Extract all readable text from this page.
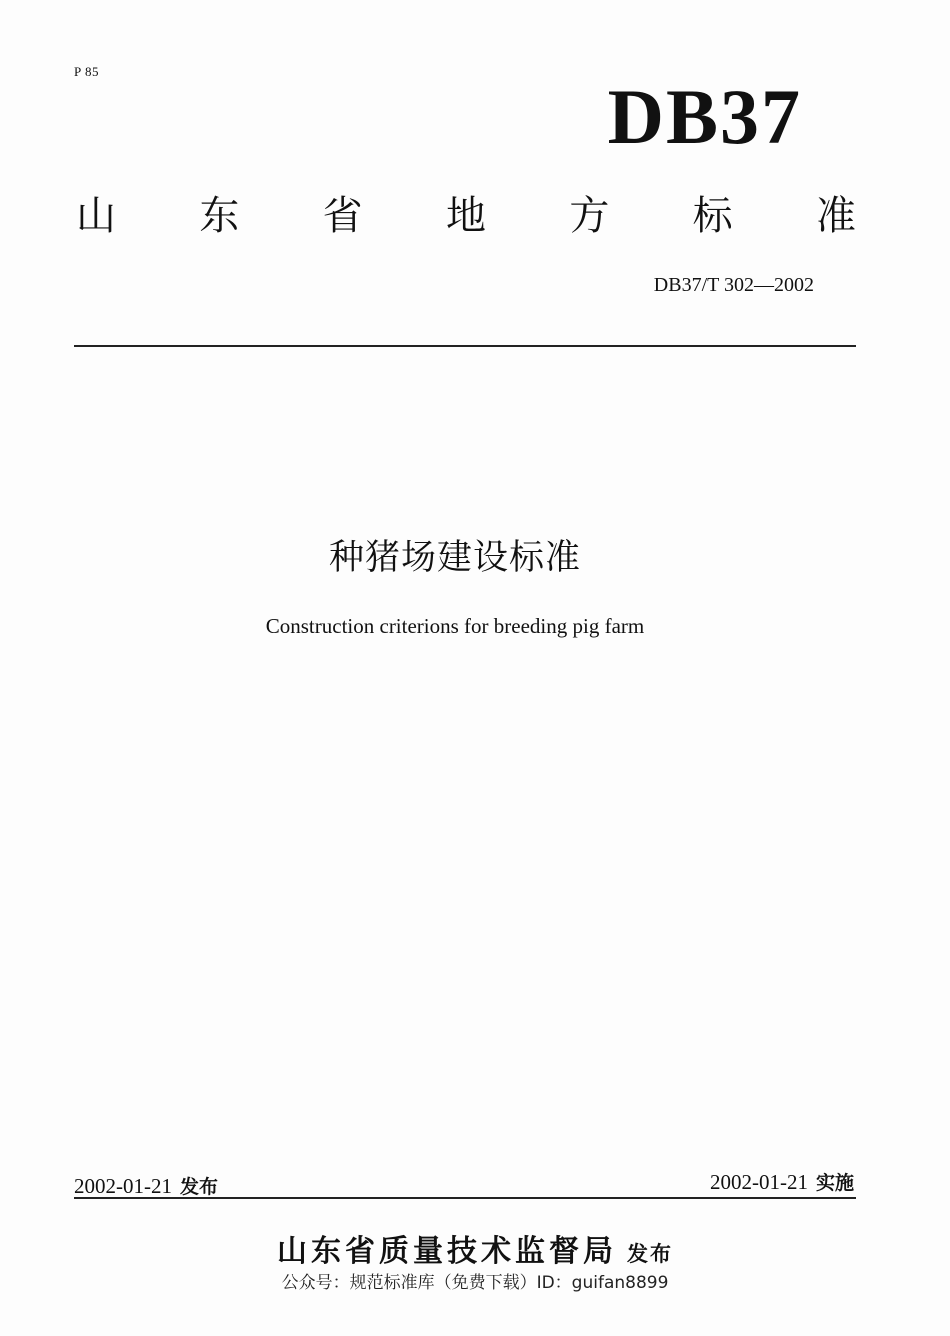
P 85
DB37
山 东 省 地 方 标 准
DB37/T 302—2002
种猪场建设标准
Construction criterions for breeding pig farm
2002-01-21 发布	2002-01-21 实施
山东省质量技术监督局 发布
公众号：规范标准库（免费下载）ID：guifan8899
